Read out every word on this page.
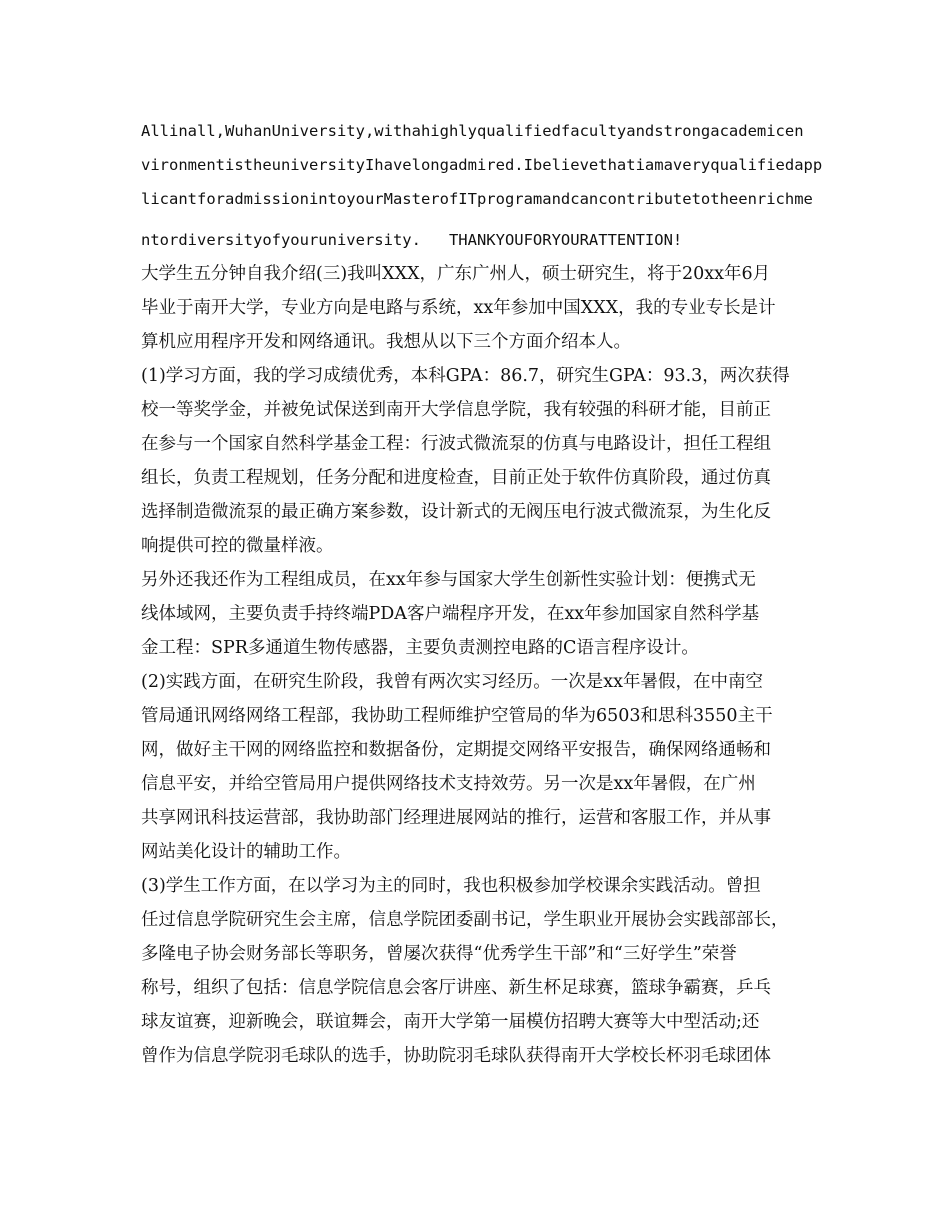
Allinall,WuhanUniversity,withahighlyqualifiedfacultyandstrongacademicen
vironmentistheuniversityIhavelongadmired.Ibelievethatiamaveryqualifiedapp
licantforadmissionintoyourMasterofITprogramandcancontributetotheenrichme
ntordiversityofyouruniversity.   THANKYOUFORYOURATTENTION!
大学生五分钟自我介绍(三)我叫XXX，广东广州人，硕士研究生，将于20xx年6月
毕业于南开大学，专业方向是电路与系统，xx年参加中国XXX，我的专业专长是计
算机应用程序开发和网络通讯。我想从以下三个方面介绍本人。
(1)学习方面，我的学习成绩优秀，本科GPA：86.7，研究生GPA：93.3，两次获得
校一等奖学金，并被免试保送到南开大学信息学院，我有较强的科研才能，目前正
在参与一个国家自然科学基金工程：行波式微流泵的仿真与电路设计，担任工程组
组长，负责工程规划，任务分配和进度检查，目前正处于软件仿真阶段，通过仿真
选择制造微流泵的最正确方案参数，设计新式的无阀压电行波式微流泵，为生化反
响提供可控的微量样液。
另外还我还作为工程组成员，在xx年参与国家大学生创新性实验计划：便携式无
线体域网，主要负责手持终端PDA客户端程序开发，在xx年参加国家自然科学基
金工程：SPR多通道生物传感器，主要负责测控电路的C语言程序设计。
(2)实践方面，在研究生阶段，我曾有两次实习经历。一次是xx年暑假，在中南空
管局通讯网络网络工程部，我协助工程师维护空管局的华为6503和思科3550主干
网，做好主干网的网络监控和数据备份，定期提交网络平安报告，确保网络通畅和
信息平安，并给空管局用户提供网络技术支持效劳。另一次是xx年暑假，在广州
共享网讯科技运营部，我协助部门经理进展网站的推行，运营和客服工作，并从事
网站美化设计的辅助工作。
(3)学生工作方面，在以学习为主的同时，我也积极参加学校课余实践活动。曾担
任过信息学院研究生会主席，信息学院团委副书记，学生职业开展协会实践部部长，
多隆电子协会财务部长等职务，曾屡次获得“优秀学生干部”和“三好学生”荣誉
称号，组织了包括：信息学院信息会客厅讲座、新生杯足球赛，篮球争霸赛，乒乓
球友谊赛，迎新晚会，联谊舞会，南开大学第一届模仿招聘大赛等大中型活动;还
曾作为信息学院羽毛球队的选手，协助院羽毛球队获得南开大学校长杯羽毛球团体
